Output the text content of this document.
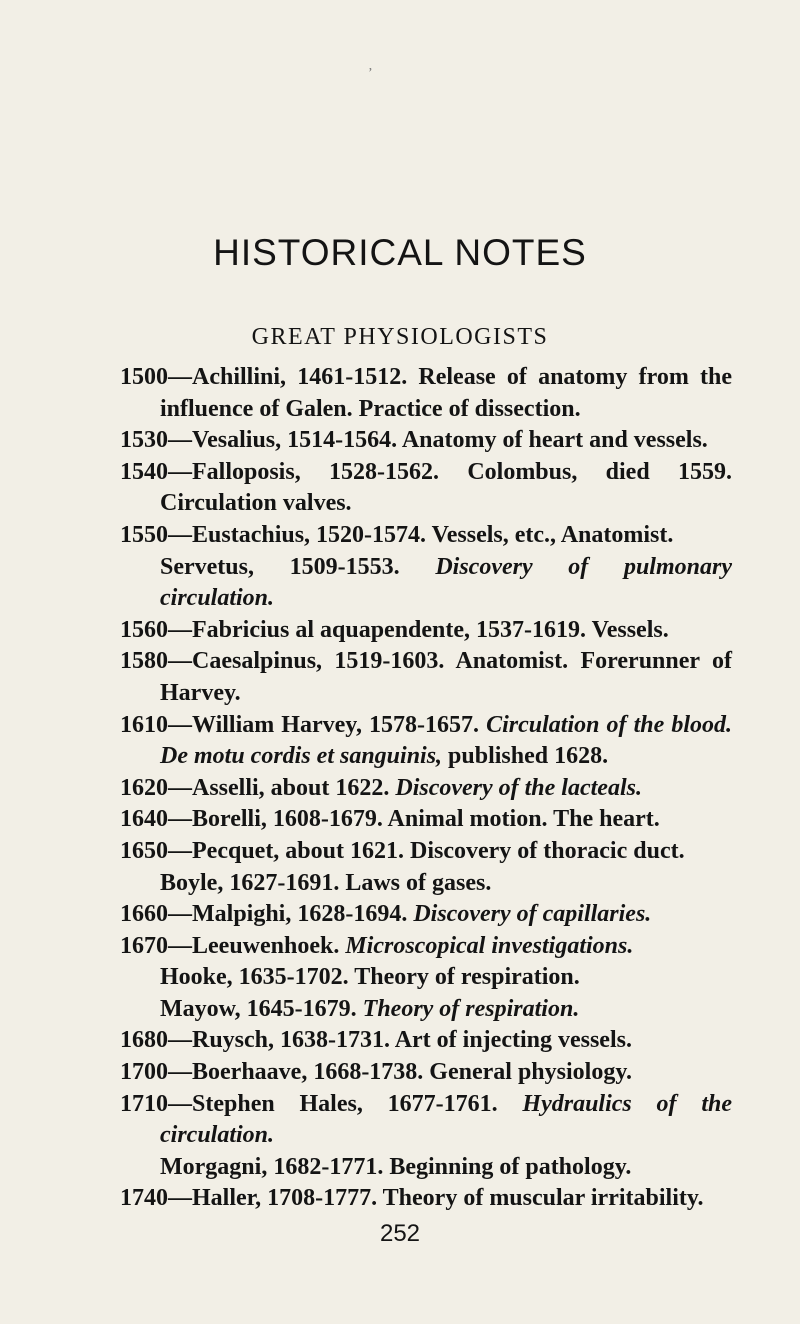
’
HISTORICAL NOTES
GREAT PHYSIOLOGISTS
1500—Achillini, 1461-1512. Release of anatomy from the influence of Galen. Practice of dissection.
1530—Vesalius, 1514-1564. Anatomy of heart and vessels.
1540—Falloposis, 1528-1562. Colombus, died 1559. Circulation valves.
1550—Eustachius, 1520-1574. Vessels, etc., Anatomist.
Servetus, 1509-1553. Discovery of pulmonary circulation.
1560—Fabricius al aquapendente, 1537-1619. Vessels.
1580—Caesalpinus, 1519-1603. Anatomist. Forerunner of Harvey.
1610—William Harvey, 1578-1657. Circulation of the blood. De motu cordis et sanguinis, published 1628.
1620—Asselli, about 1622. Discovery of the lacteals.
1640—Borelli, 1608-1679. Animal motion. The heart.
1650—Pecquet, about 1621. Discovery of thoracic duct.
Boyle, 1627-1691. Laws of gases.
1660—Malpighi, 1628-1694. Discovery of capillaries.
1670—Leeuwenhoek. Microscopical investigations.
Hooke, 1635-1702. Theory of respiration.
Mayow, 1645-1679. Theory of respiration.
1680—Ruysch, 1638-1731. Art of injecting vessels.
1700—Boerhaave, 1668-1738. General physiology.
1710—Stephen Hales, 1677-1761. Hydraulics of the circulation.
Morgagni, 1682-1771. Beginning of pathology.
1740—Haller, 1708-1777. Theory of muscular irritability.
252
